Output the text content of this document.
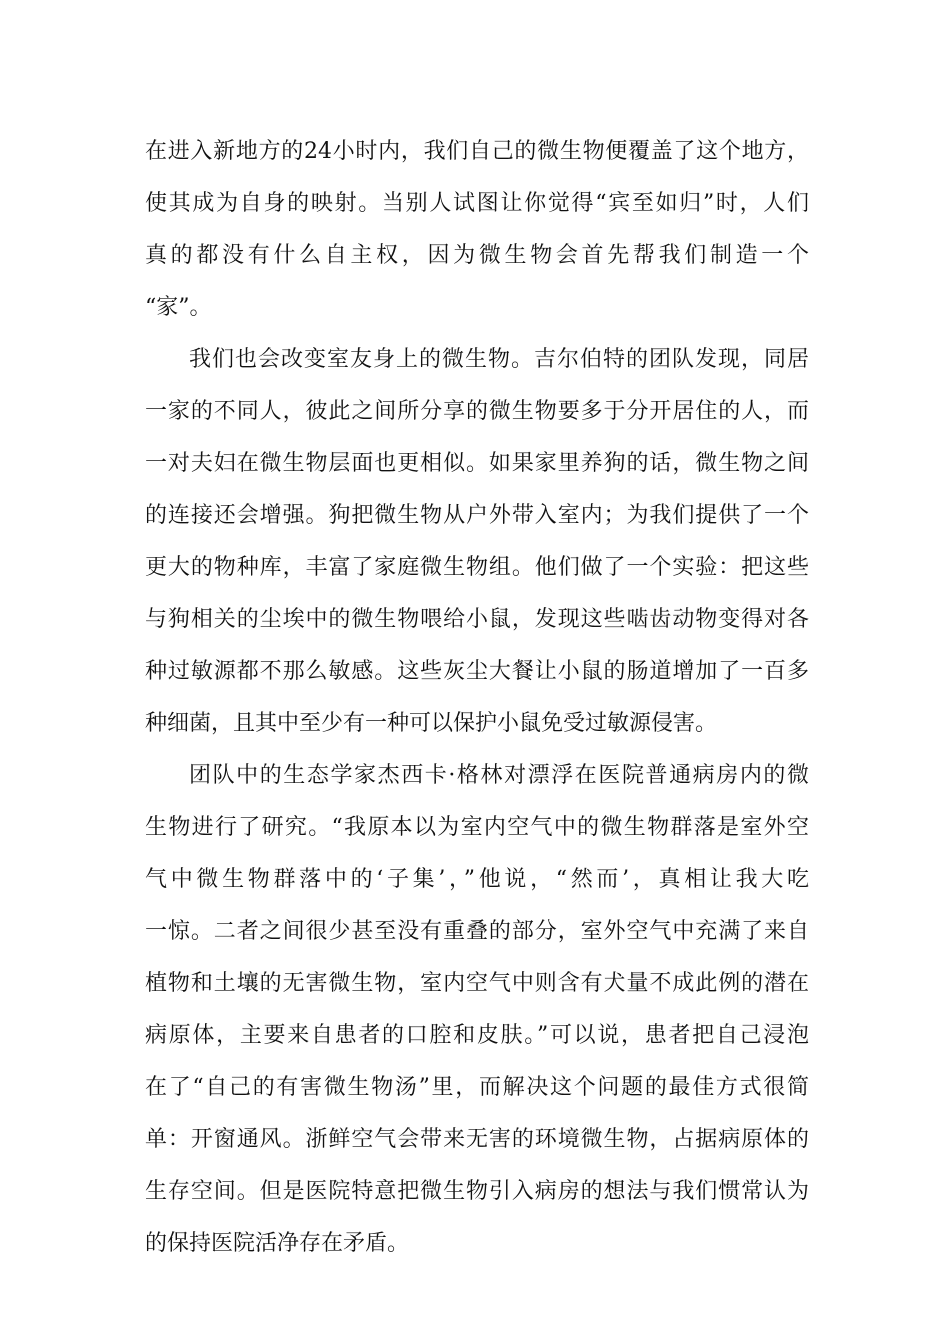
在进入新地方的24小时内，我们自己的微生物便覆盖了这个地方，
使其成为自身的映射。当别人试图让你觉得“宾至如归”时，人们
真的都没有什么自主权，因为微生物会首先帮我们制造一个
“家”。
我们也会改变室友身上的微生物。吉尔伯特的团队发现，同居
一家的不同人，彼此之间所分享的微生物要多于分开居住的人，而
一对夫妇在微生物层面也更相似。如果家里养狗的话，微生物之间
的连接还会增强。狗把微生物从户外带入室内；为我们提供了一个
更大的物种库，丰富了家庭微生物组。他们做了一个实验：把这些
与狗相关的尘埃中的微生物喂给小鼠，发现这些啮齿动物变得对各
种过敏源都不那么敏感。这些灰尘大餐让小鼠的肠道增加了一百多
种细菌，且其中至少有一种可以保护小鼠免受过敏源侵害。
团队中的生态学家杰西卡·格林对漂浮在医院普通病房内的微
生物进行了研究。“我原本以为室内空气中的微生物群落是室外空
气中微生物群落中的‘子集’，”他说，“然而’，真相让我大吃
一惊。二者之间很少甚至没有重叠的部分，室外空气中充满了来自
植物和土壤的无害微生物，室内空气中则含有犬量不成此例的潜在
病原体，主要来自患者的口腔和皮肤。”可以说，患者把自己浸泡
在了“自己的有害微生物汤”里，而解决这个问题的最佳方式很简
单：开窗通风。浙鲜空气会带来无害的环境微生物，占据病原体的
生存空间。但是医院特意把微生物引入病房的想法与我们惯常认为
的保持医院活净存在矛盾。
